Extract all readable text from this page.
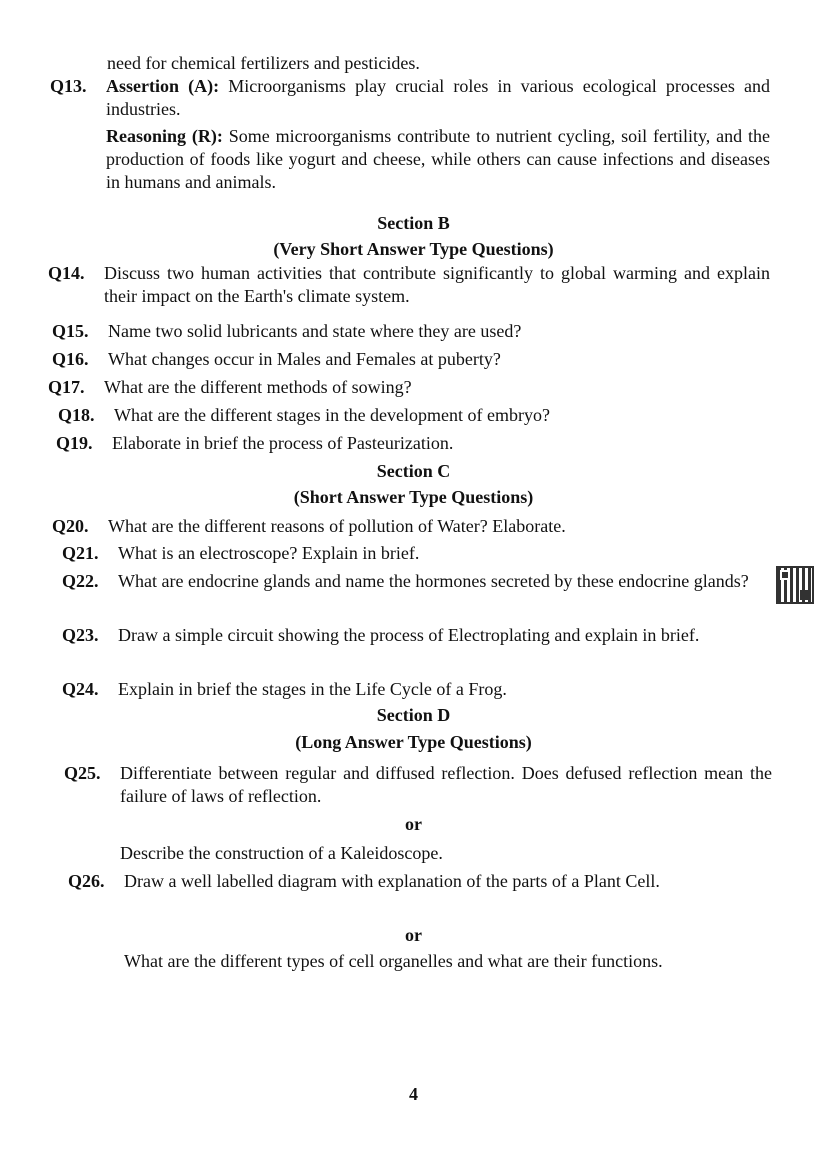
need for chemical fertilizers and pesticides.
Q13.	Assertion (A): Microorganisms play crucial roles in various ecological processes and industries.
Reasoning (R): Some microorganisms contribute to nutrient cycling, soil fertility, and the production of foods like yogurt and cheese, while others can cause infections and diseases in humans and animals.
Section B
(Very Short Answer Type Questions)
Q14.	Discuss two human activities that contribute significantly to global warming and explain their impact on the Earth's climate system.
Q15.	Name two solid lubricants and state where they are used?
Q16.	What changes occur in Males and Females at puberty?
Q17.	What are the different methods of sowing?
Q18.	What are the different stages in the development of embryo?
Q19.	Elaborate in brief the process of Pasteurization.
Section C
(Short Answer Type Questions)
Q20.	What are the different reasons of pollution of Water? Elaborate.
Q21.	What is an electroscope? Explain in brief.
Q22.	What are endocrine glands and name the hormones secreted by these endocrine glands?
Q23.	Draw a simple circuit showing the process of Electroplating and explain in brief.
Q24.	Explain in brief the stages in the Life Cycle of a Frog.
Section D
(Long Answer Type Questions)
Q25.	Differentiate between regular and diffused reflection. Does defused reflection mean the failure of laws of reflection.
or
Describe the construction of a Kaleidoscope.
Q26.	Draw a well labelled diagram with explanation of the parts of a Plant Cell.
or
What are the different types of cell organelles and what are their functions.
4
